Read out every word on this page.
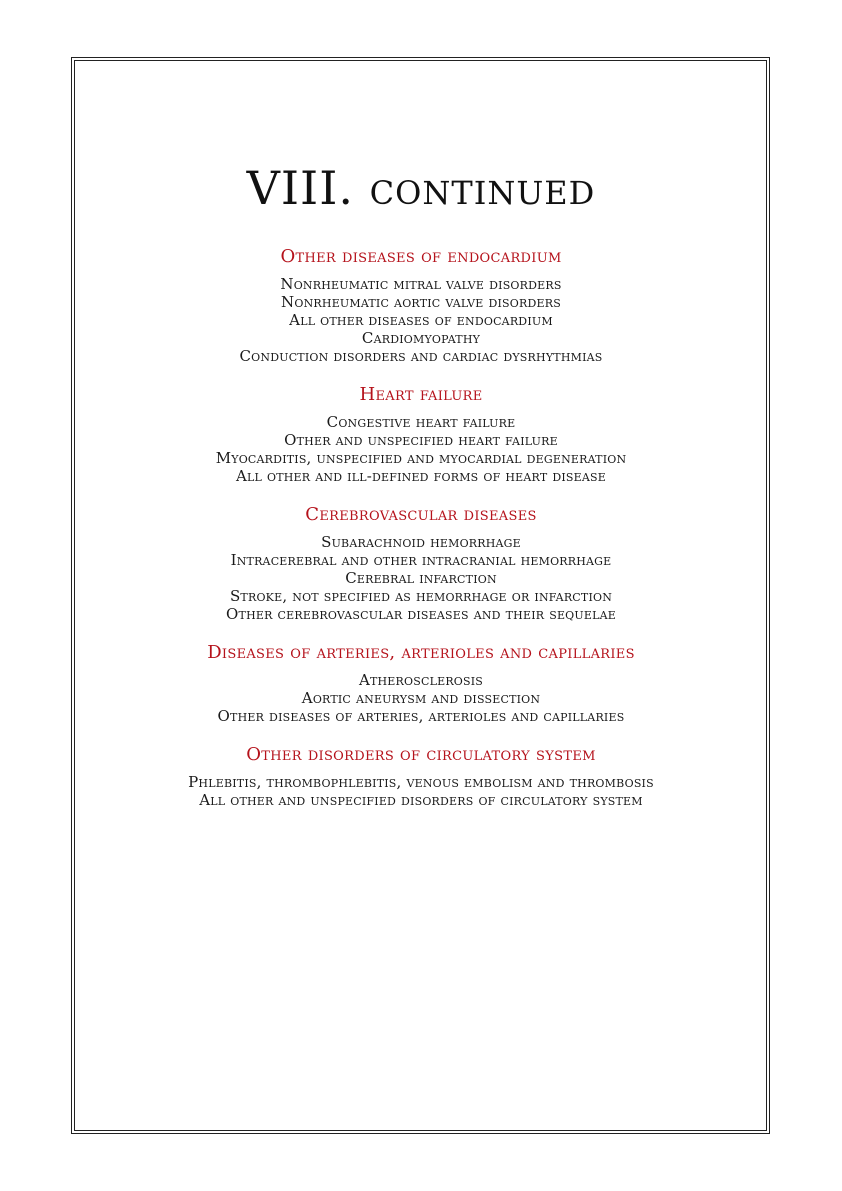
VIII. continued
Other diseases of endocardium
Nonrheumatic mitral valve disorders
Nonrheumatic aortic valve disorders
All other diseases of endocardium
Cardiomyopathy
Conduction disorders and cardiac dysrhythmias
Heart failure
Congestive heart failure
Other and unspecified heart failure
Myocarditis, unspecified and myocardial degeneration
All other and ill-defined forms of heart disease
Cerebrovascular diseases
Subarachnoid hemorrhage
Intracerebral and other intracranial hemorrhage
Cerebral infarction
Stroke, not specified as hemorrhage or infarction
Other cerebrovascular diseases and their sequelae
Diseases of arteries, arterioles and capillaries
Atherosclerosis
Aortic aneurysm and dissection
Other diseases of arteries, arterioles and capillaries
Other disorders of circulatory system
Phlebitis, thrombophlebitis, venous embolism and thrombosis
All other and unspecified disorders of circulatory system
